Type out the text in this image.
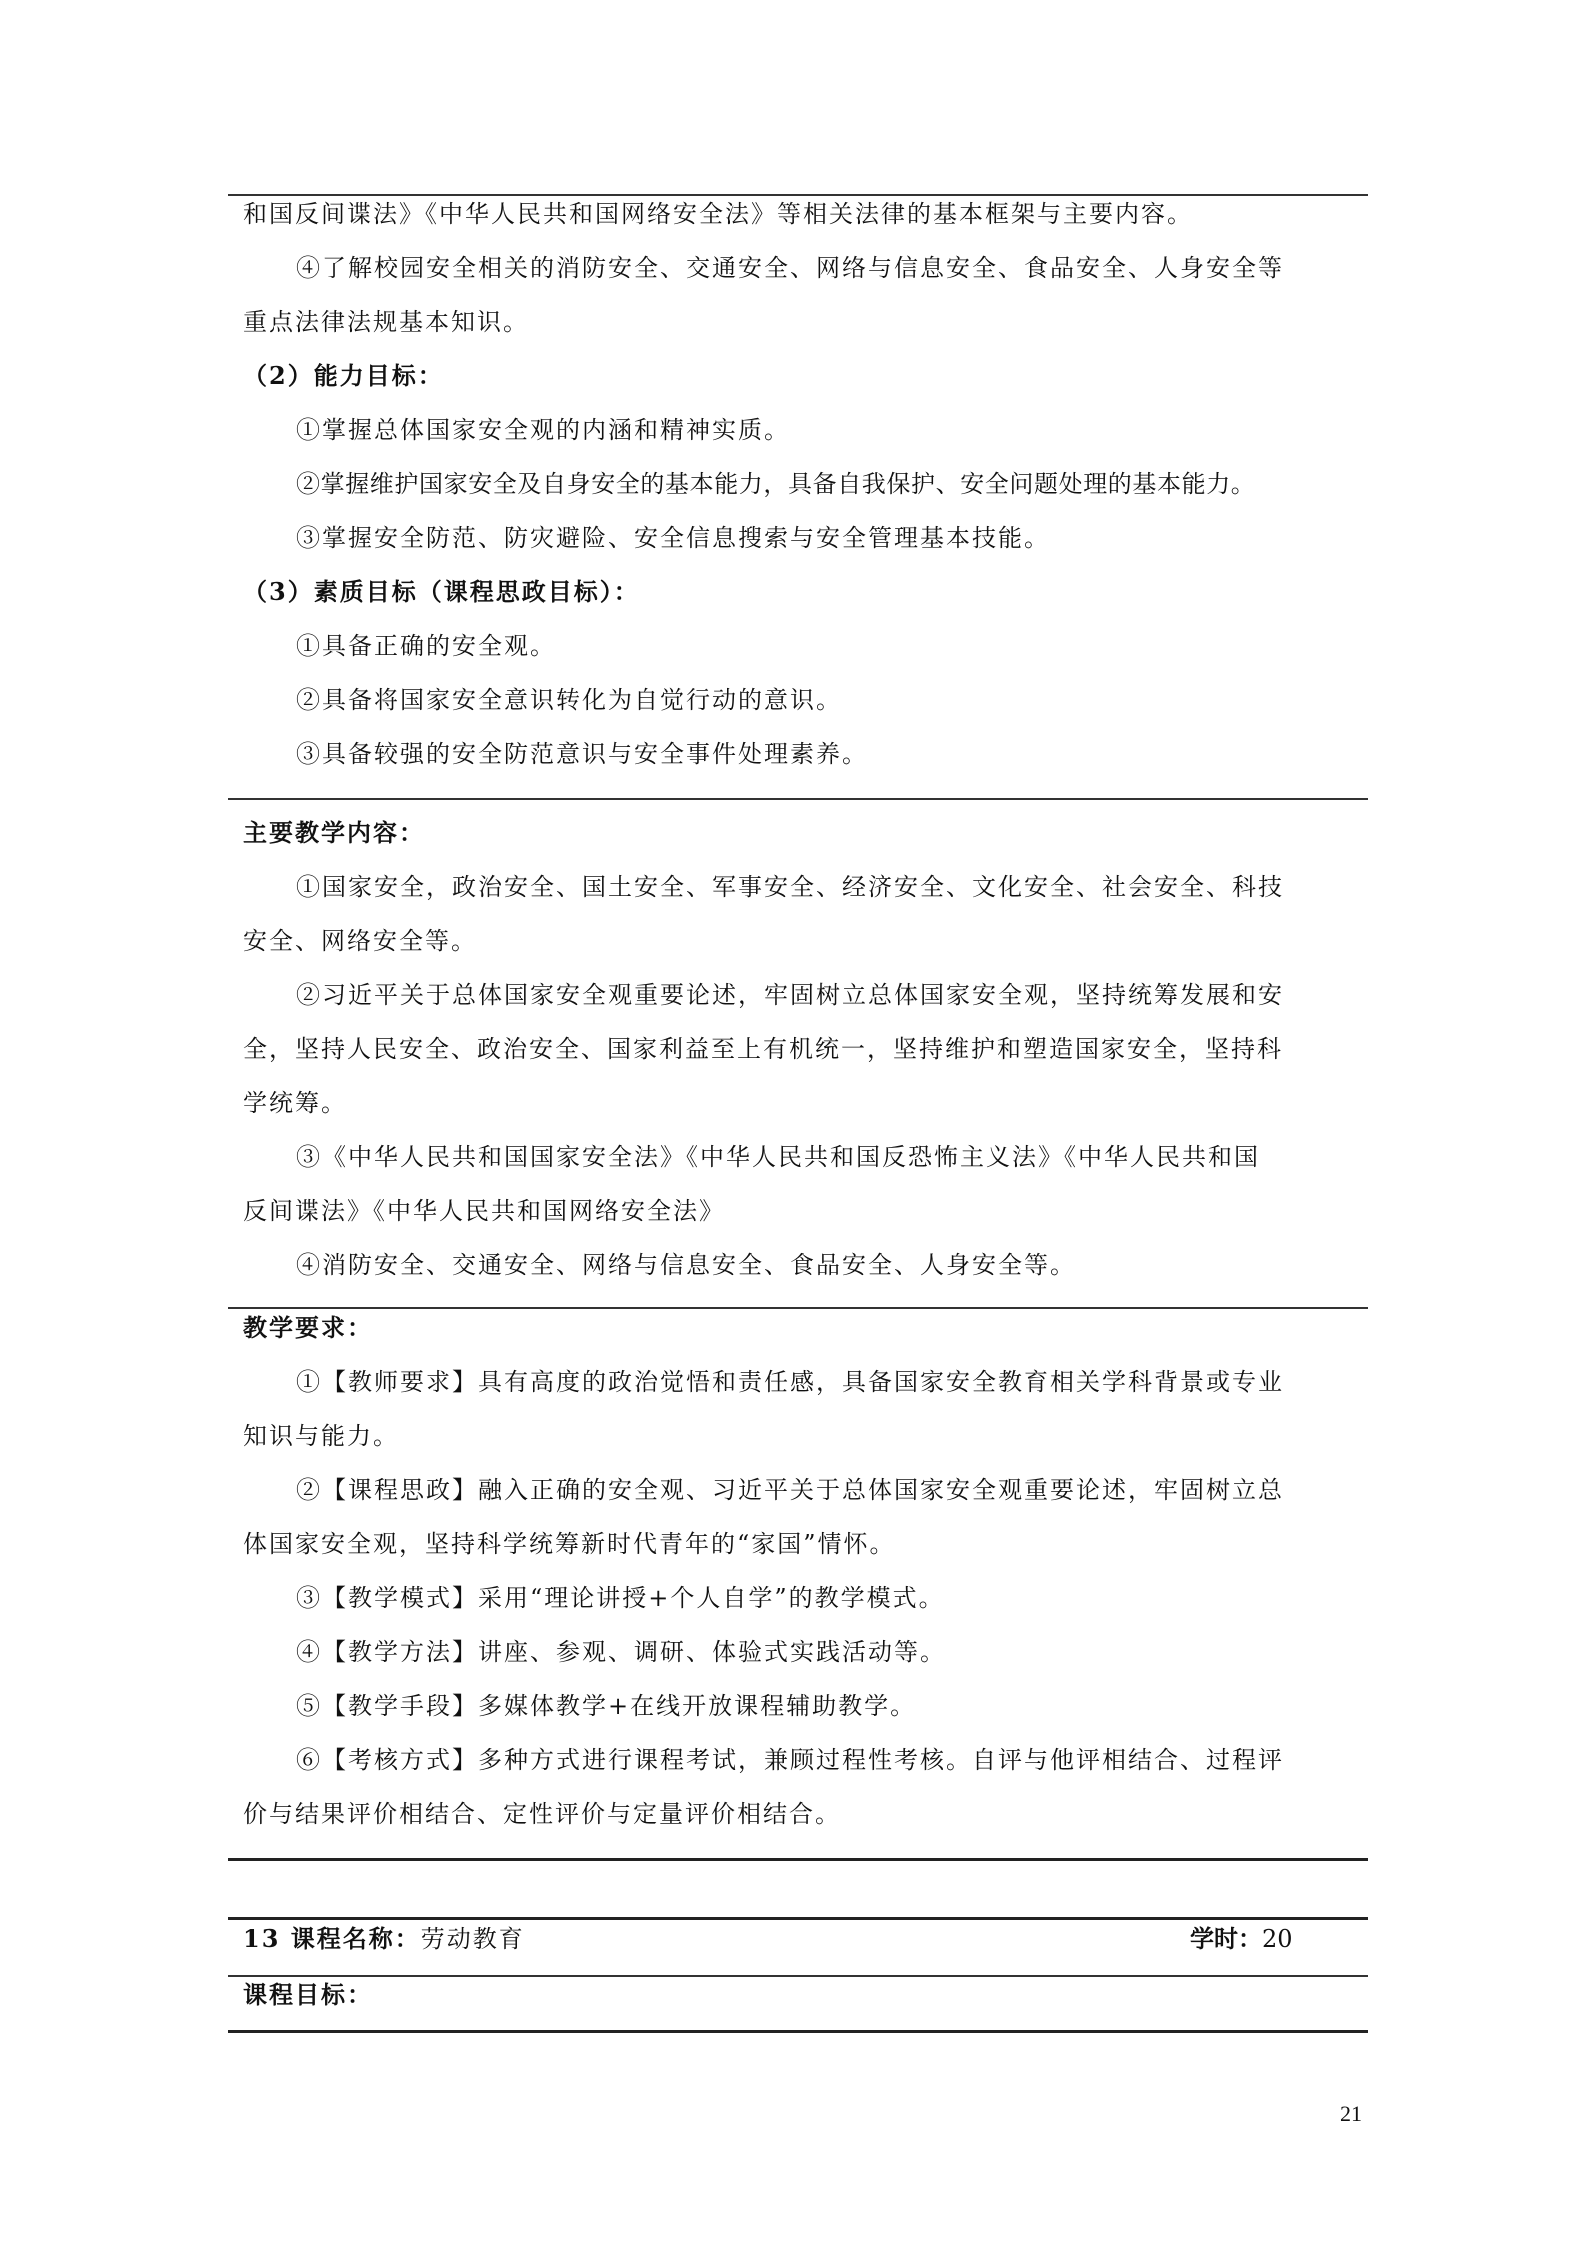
和国反间谍法》《中华人民共和国网络安全法》等相关法律的基本框架与主要内容。
④了解校园安全相关的消防安全、交通安全、网络与信息安全、食品安全、人身安全等
重点法律法规基本知识。
（2）能力目标：
①掌握总体国家安全观的内涵和精神实质。
②掌握维护国家安全及自身安全的基本能力，具备自我保护、安全问题处理的基本能力。
③掌握安全防范、防灾避险、安全信息搜索与安全管理基本技能。
（3）素质目标（课程思政目标）：
①具备正确的安全观。
②具备将国家安全意识转化为自觉行动的意识。
③具备较强的安全防范意识与安全事件处理素养。
主要教学内容：
①国家安全，政治安全、国土安全、军事安全、经济安全、文化安全、社会安全、科技
安全、网络安全等。
②习近平关于总体国家安全观重要论述，牢固树立总体国家安全观，坚持统筹发展和安
全，坚持人民安全、政治安全、国家利益至上有机统一，坚持维护和塑造国家安全，坚持科
学统筹。
③《中华人民共和国国家安全法》《中华人民共和国反恐怖主义法》《中华人民共和国
反间谍法》《中华人民共和国网络安全法》
④消防安全、交通安全、网络与信息安全、食品安全、人身安全等。
教学要求：
①【教师要求】具有高度的政治觉悟和责任感，具备国家安全教育相关学科背景或专业
知识与能力。
②【课程思政】融入正确的安全观、习近平关于总体国家安全观重要论述，牢固树立总
体国家安全观，坚持科学统筹新时代青年的“家国”情怀。
③【教学模式】采用“理论讲授+个人自学”的教学模式。
④【教学方法】讲座、参观、调研、体验式实践活动等。
⑤【教学手段】多媒体教学+在线开放课程辅助教学。
⑥【考核方式】多种方式进行课程考试，兼顾过程性考核。自评与他评相结合、过程评
价与结果评价相结合、定性评价与定量评价相结合。
13 课程名称：劳动教育	学时：20
课程目标：
21
